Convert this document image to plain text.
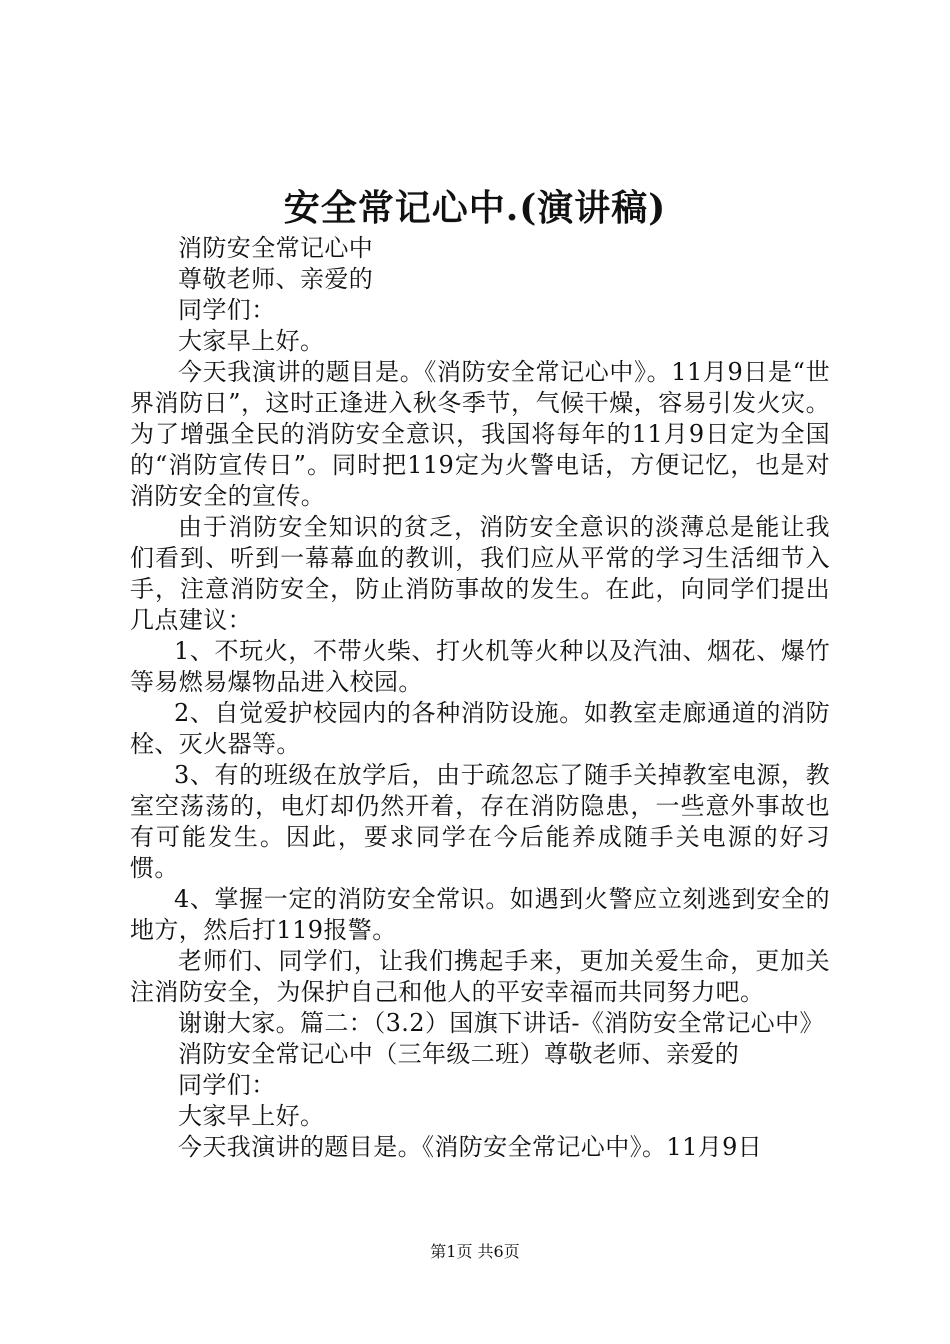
安全常记心中.(演讲稿)

消防安全常记心中

尊敬老师、亲爱的

同学们：

大家早上好。

今天我演讲的题目是。《消防安全常记心中》。11月9日是“世界消防日”，这时正逢进入秋冬季节，气候干燥，容易引发火灾。为了增强全民的消防安全意识，我国将每年的11月9日定为全国的“消防宣传日”。同时把119定为火警电话，方便记忆，也是对消防安全的宣传。

由于消防安全知识的贫乏，消防安全意识的淡薄总是能让我们看到、听到一幕幕血的教训，我们应从平常的学习生活细节入手，注意消防安全，防止消防事故的发生。在此，向同学们提出几点建议：

1、不玩火，不带火柴、打火机等火种以及汽油、烟花、爆竹等易燃易爆物品进入校园。

2、自觉爱护校园内的各种消防设施。如教室走廊通道的消防栓、灭火器等。

3、有的班级在放学后，由于疏忽忘了随手关掉教室电源，教室空荡荡的，电灯却仍然开着，存在消防隐患，一些意外事故也有可能发生。因此，要求同学在今后能养成随手关电源的好习惯。

4、掌握一定的消防安全常识。如遇到火警应立刻逃到安全的地方，然后打119报警。

老师们、同学们，让我们携起手来，更加关爱生命，更加关注消防安全，为保护自己和他人的平安幸福而共同努力吧。

谢谢大家。篇二：（3.2）国旗下讲话-《消防安全常记心中》

消防安全常记心中（三年级二班）尊敬老师、亲爱的

同学们：

大家早上好。

今天我演讲的题目是。《消防安全常记心中》。11月9日

第1页 共6页
